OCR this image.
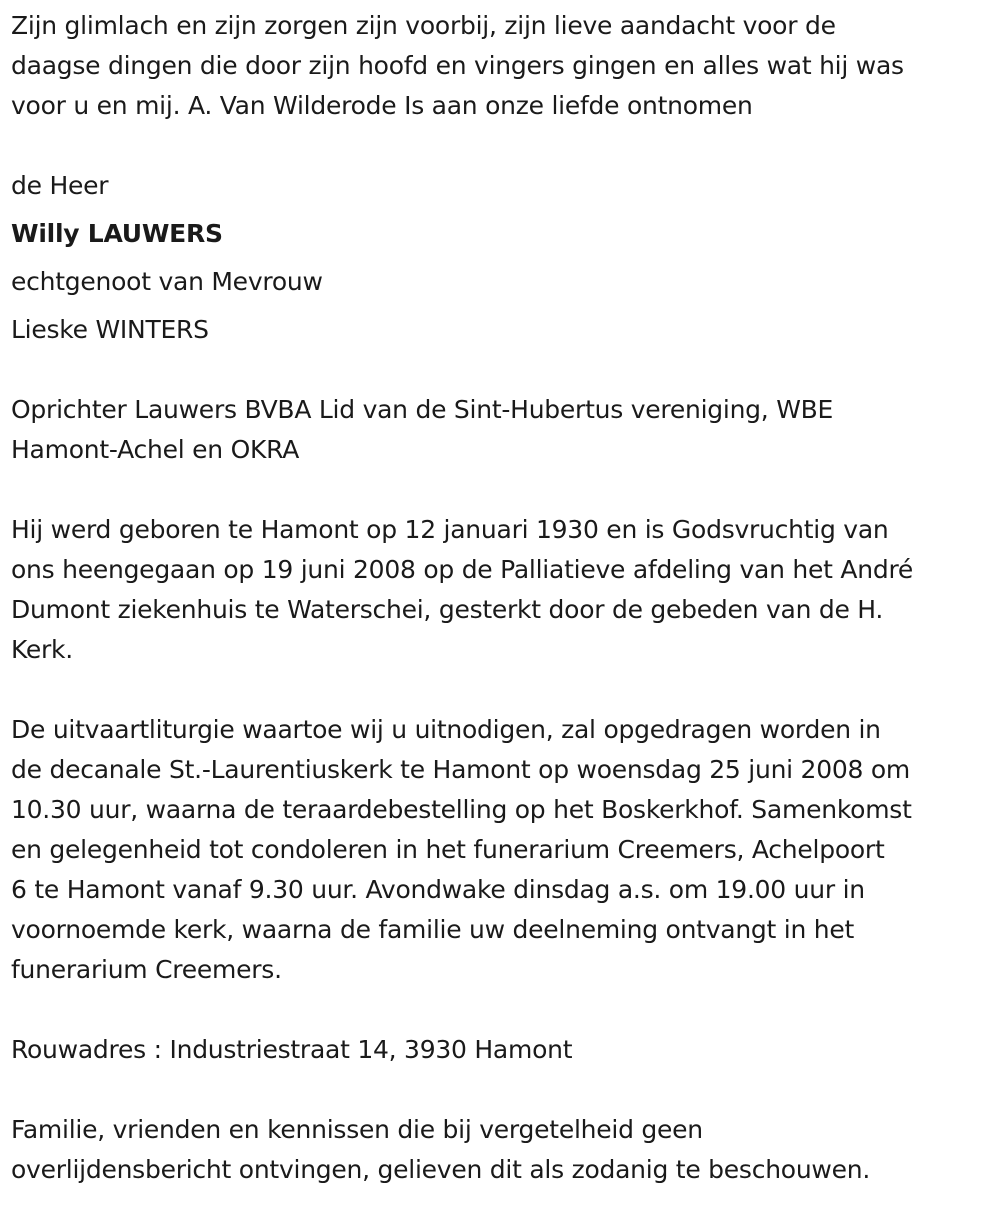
Zijn glimlach en zijn zorgen zijn voorbij, zijn lieve aandacht voor de
daagse dingen die door zijn hoofd en vingers gingen en alles wat hij was
voor u en mij. A. Van Wilderode Is aan onze liefde ontnomen
de Heer
Willy LAUWERS
echtgenoot van Mevrouw
Lieske WINTERS
Oprichter Lauwers BVBA Lid van de Sint-Hubertus vereniging, WBE
Hamont-Achel en OKRA
Hij werd geboren te Hamont op 12 januari 1930 en is Godsvruchtig van
ons heengegaan op 19 juni 2008 op de Palliatieve afdeling van het André
Dumont ziekenhuis te Waterschei, gesterkt door de gebeden van de H.
Kerk.
De uitvaartliturgie waartoe wij u uitnodigen, zal opgedragen worden in
de decanale St.-Laurentiuskerk te Hamont op woensdag 25 juni 2008 om
10.30 uur, waarna de teraardebestelling op het Boskerkhof. Samenkomst
en gelegenheid tot condoleren in het funerarium Creemers, Achelpoort
6 te Hamont vanaf 9.30 uur. Avondwake dinsdag a.s. om 19.00 uur in
voornoemde kerk, waarna de familie uw deelneming ontvangt in het
funerarium Creemers.
Rouwadres : Industriestraat 14, 3930 Hamont
Familie, vrienden en kennissen die bij vergetelheid geen
overlijdensbericht ontvingen, gelieven dit als zodanig te beschouwen.
